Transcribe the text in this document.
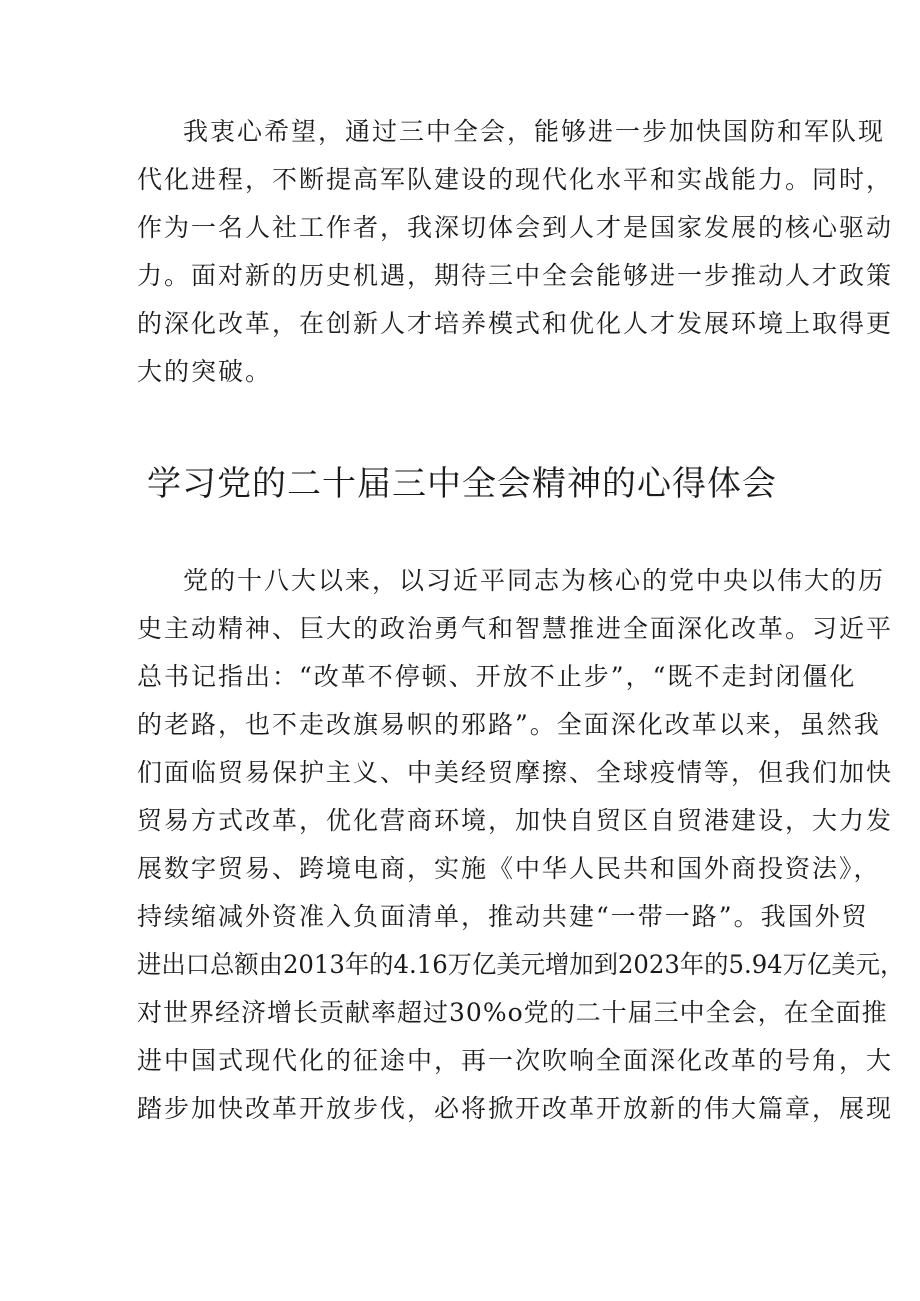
我衷心希望，通过三中全会，能够进一步加快国防和军队现
代化进程，不断提高军队建设的现代化水平和实战能力。同时，
作为一名人社工作者，我深切体会到人才是国家发展的核心驱动
力。面对新的历史机遇，期待三中全会能够进一步推动人才政策
的深化改革，在创新人才培养模式和优化人才发展环境上取得更
大的突破。
学习党的二十届三中全会精神的心得体会
党的十八大以来，以习近平同志为核心的党中央以伟大的历
史主动精神、巨大的政治勇气和智慧推进全面深化改革。习近平
总书记指出：“改革不停顿、开放不止步”，“既不走封闭僵化
的老路，也不走改旗易帜的邪路”。全面深化改革以来，虽然我
们面临贸易保护主义、中美经贸摩擦、全球疫情等，但我们加快
贸易方式改革，优化营商环境，加快自贸区自贸港建设，大力发
展数字贸易、跨境电商，实施《中华人民共和国外商投资法》，
持续缩减外资准入负面清单，推动共建“一带一路”。我国外贸
进出口总额由2013年的4.16万亿美元增加到2023年的5.94万亿美元，
对世界经济增长贡献率超过30%o党的二十届三中全会，在全面推
进中国式现代化的征途中，再一次吹响全面深化改革的号角，大
踏步加快改革开放步伐，必将掀开改革开放新的伟大篇章，展现
